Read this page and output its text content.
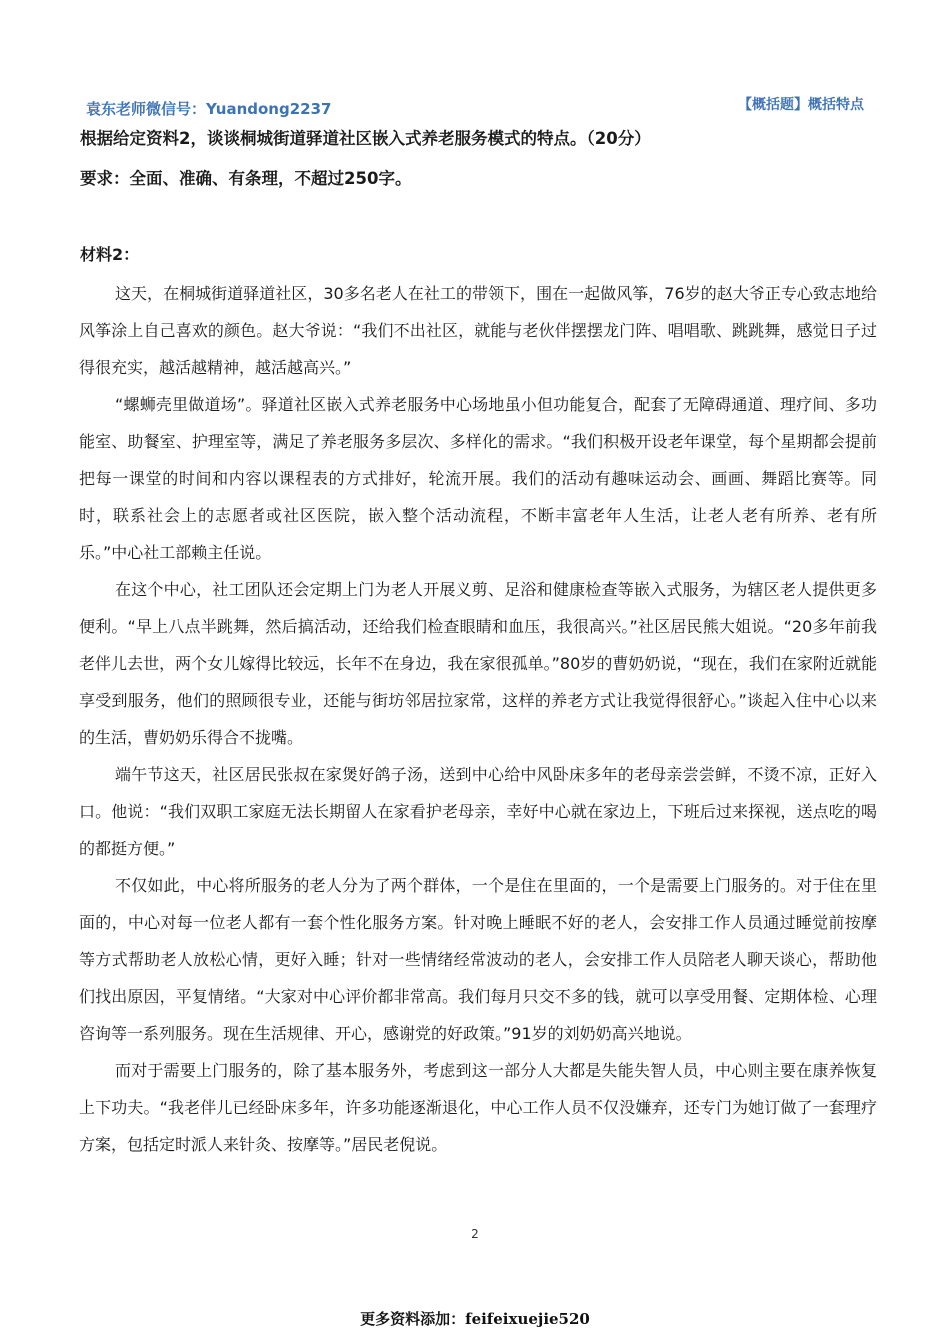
袁东老师微信号：Yuandong2237	【概括题】概括特点
根据给定资料2，谈谈桐城街道驿道社区嵌入式养老服务模式的特点。（20分）
要求：全面、准确、有条理，不超过250字。
材料2：

这天，在桐城街道驿道社区，30多名老人在社工的带领下，围在一起做风筝，76岁的赵大爷正专心致志地给风筝涂上自己喜欢的颜色。赵大爷说：“我们不出社区，就能与老伙伴摆摆龙门阵、唱唱歌、跳跳舞，感觉日子过得很充实，越活越精神，越活越高兴。”

“螺蛳壳里做道场”。驿道社区嵌入式养老服务中心场地虽小但功能复合，配套了无障碍通道、理疗间、多功能室、助餐室、护理室等，满足了养老服务多层次、多样化的需求。“我们积极开设老年课堂，每个星期都会提前把每一课堂的时间和内容以课程表的方式排好，轮流开展。我们的活动有趣味运动会、画画、舞蹈比赛等。同时，联系社会上的志愿者或社区医院，嵌入整个活动流程，不断丰富老年人生活，让老人老有所养、老有所乐。”中心社工部赖主任说。

在这个中心，社工团队还会定期上门为老人开展义剪、足浴和健康检查等嵌入式服务，为辖区老人提供更多便利。“早上八点半跳舞，然后搞活动，还给我们检查眼睛和血压，我很高兴。”社区居民熊大姐说。“20多年前我老伴儿去世，两个女儿嫁得比较远，长年不在身边，我在家很孤单。”80岁的曹奶奶说，“现在，我们在家附近就能享受到服务，他们的照顾很专业，还能与街坊邻居拉家常，这样的养老方式让我觉得很舒心。”谈起入住中心以来的生活，曹奶奶乐得合不拢嘴。

端午节这天，社区居民张叔在家煲好鸽子汤，送到中心给中风卧床多年的老母亲尝尝鲜，不烫不凉，正好入口。他说：“我们双职工家庭无法长期留人在家看护老母亲，幸好中心就在家边上，下班后过来探视，送点吃的喝的都挺方便。”

不仅如此，中心将所服务的老人分为了两个群体，一个是住在里面的，一个是需要上门服务的。对于住在里面的，中心对每一位老人都有一套个性化服务方案。针对晚上睡眠不好的老人，会安排工作人员通过睡觉前按摩等方式帮助老人放松心情，更好入睡；针对一些情绪经常波动的老人，会安排工作人员陪老人聊天谈心，帮助他们找出原因，平复情绪。“大家对中心评价都非常高。我们每月只交不多的钱，就可以享受用餐、定期体检、心理咨询等一系列服务。现在生活规律、开心，感谢党的好政策。”91岁的刘奶奶高兴地说。

而对于需要上门服务的，除了基本服务外，考虑到这一部分人大都是失能失智人员，中心则主要在康养恢复上下功夫。“我老伴儿已经卧床多年，许多功能逐渐退化，中心工作人员不仅没嫌弃，还专门为她订做了一套理疗方案，包括定时派人来针灸、按摩等。”居民老倪说。

2
更多资料添加：feifeixuejie520
